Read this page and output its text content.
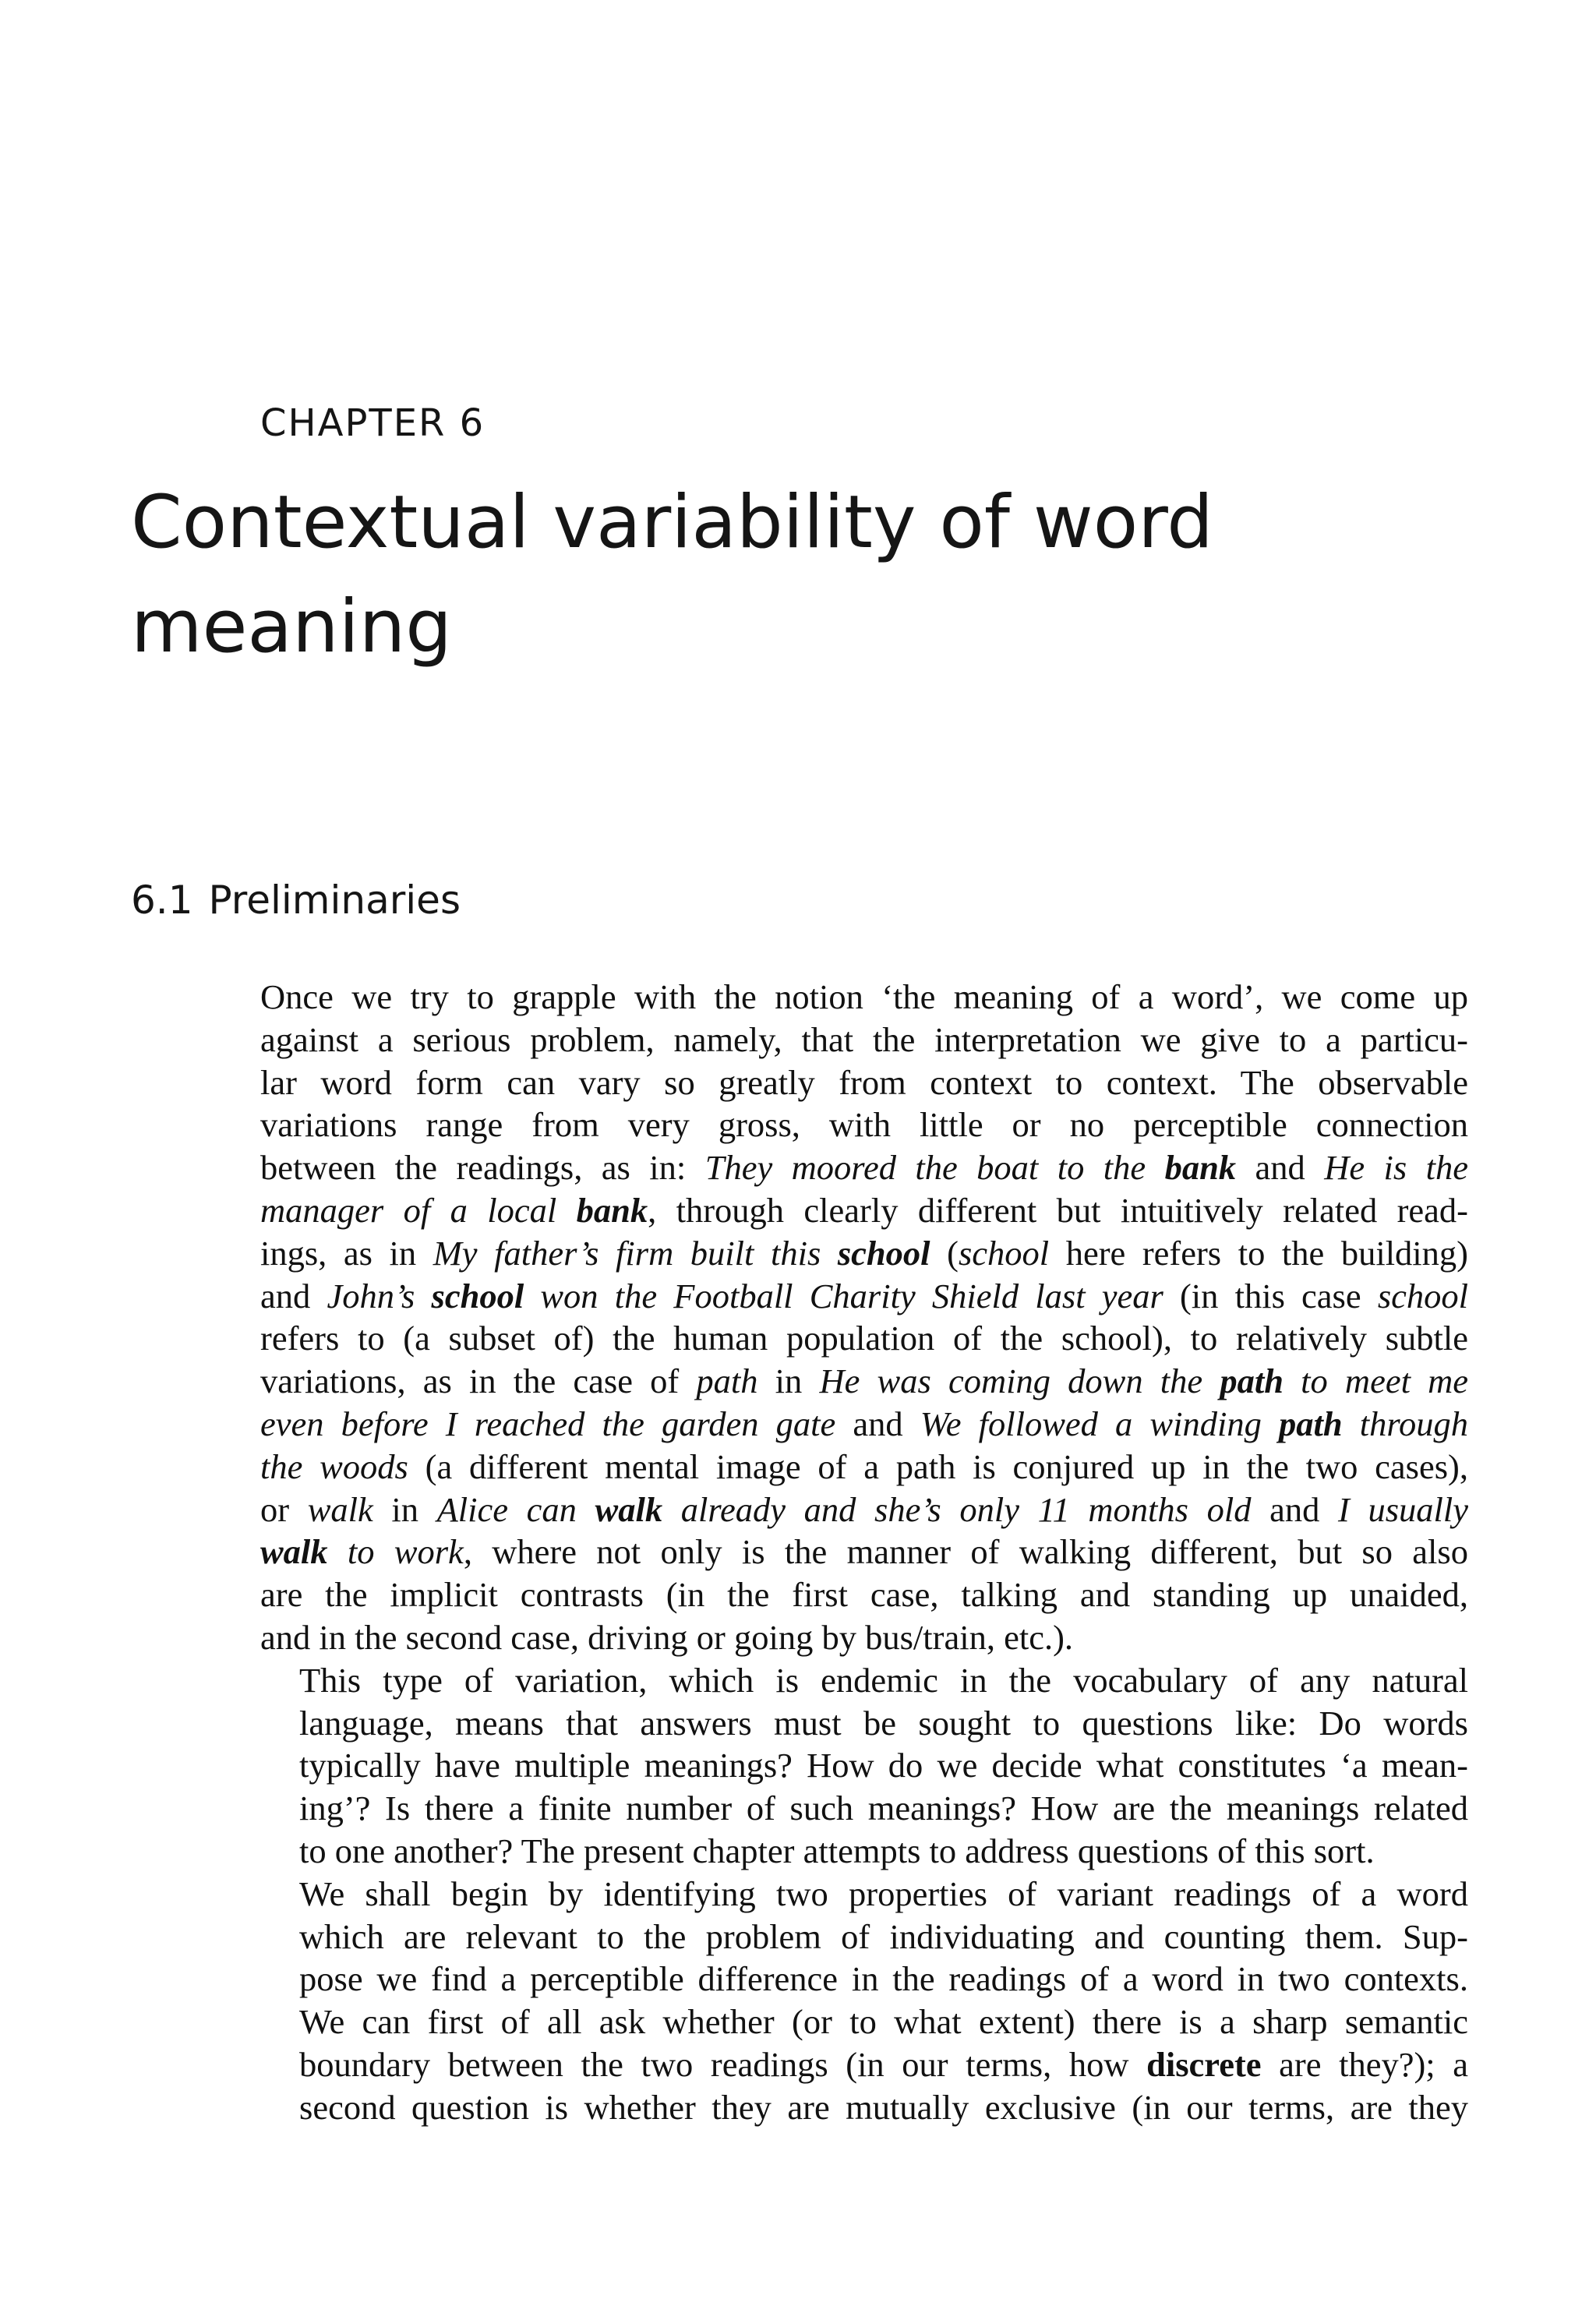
CHAPTER 6
Contextual variability of word
meaning
6.1 Preliminaries

Once we try to grapple with the notion ‘the meaning of a word’, we come up
against a serious problem, namely, that the interpretation we give to a particu-
lar word form can vary so greatly from context to context. The observable
variations range from very gross, with little or no perceptible connection
between the readings, as in: They moored the boat to the bank and He is the
manager of a local bank, through clearly different but intuitively related read-
ings, as in My father’s firm built this school (school here refers to the building)
and John’s school won the Football Charity Shield last year (in this case school
refers to (a subset of) the human population of the school), to relatively subtle
variations, as in the case of path in He was coming down the path to meet me
even before I reached the garden gate and We followed a winding path through
the woods (a different mental image of a path is conjured up in the two cases),
or walk in Alice can walk already and she’s only 11 months old and I usually
walk to work, where not only is the manner of walking different, but so also
are the implicit contrasts (in the first case, talking and standing up unaided,
and in the second case, driving or going by bus/train, etc.).

This type of variation, which is endemic in the vocabulary of any natural
language, means that answers must be sought to questions like: Do words
typically have multiple meanings? How do we decide what constitutes ‘a mean-
ing’? Is there a finite number of such meanings? How are the meanings related
to one another? The present chapter attempts to address questions of this sort.

We shall begin by identifying two properties of variant readings of a word
which are relevant to the problem of individuating and counting them. Sup-
pose we find a perceptible difference in the readings of a word in two contexts.
We can first of all ask whether (or to what extent) there is a sharp semantic
boundary between the two readings (in our terms, how discrete are they?); a
second question is whether they are mutually exclusive (in our terms, are they
